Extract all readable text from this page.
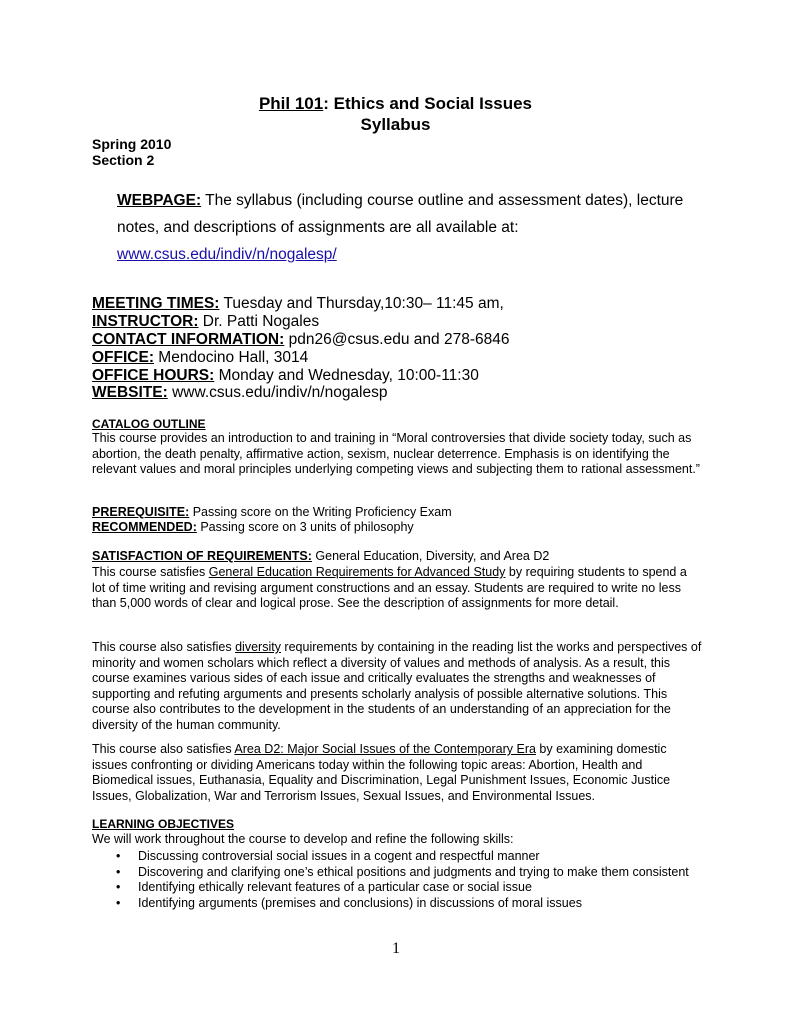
Phil 101: Ethics and Social Issues
Syllabus
Spring 2010
Section 2
WEBPAGE: The syllabus (including course outline and assessment dates), lecture
notes, and descriptions of assignments are all available at:
www.csus.edu/indiv/n/nogalesp/
MEETING TIMES: Tuesday and Thursday,10:30– 11:45 am,
INSTRUCTOR: Dr. Patti Nogales
CONTACT INFORMATION: pdn26@csus.edu and 278-6846
OFFICE: Mendocino Hall, 3014
OFFICE HOURS: Monday and Wednesday, 10:00-11:30
WEBSITE: www.csus.edu/indiv/n/nogalesp
CATALOG OUTLINE
This course provides an introduction to and training in “Moral controversies that divide society today, such as abortion, the death penalty, affirmative action, sexism, nuclear deterrence. Emphasis is on identifying the relevant values and moral principles underlying competing views and subjecting them to rational assessment.”
PREREQUISITE: Passing score on the Writing Proficiency Exam
RECOMMENDED: Passing score on 3 units of philosophy
SATISFACTION OF REQUIREMENTS: General Education, Diversity, and Area D2
This course satisfies General Education Requirements for Advanced Study by requiring students to spend a lot of time writing and revising argument constructions and an essay. Students are required to write no less than 5,000 words of clear and logical prose. See the description of assignments for more detail.
This course also satisfies diversity requirements by containing in the reading list the works and perspectives of minority and women scholars which reflect a diversity of values and methods of analysis. As a result, this course examines various sides of each issue and critically evaluates the strengths and weaknesses of supporting and refuting arguments and presents scholarly analysis of possible alternative solutions. This course also contributes to the development in the students of an understanding of an appreciation for the diversity of the human community.
This course also satisfies Area D2: Major Social Issues of the Contemporary Era by examining domestic issues confronting or dividing Americans today within the following topic areas: Abortion, Health and Biomedical issues, Euthanasia, Equality and Discrimination, Legal Punishment Issues, Economic Justice Issues, Globalization, War and Terrorism Issues, Sexual Issues, and Environmental Issues.
LEARNING OBJECTIVES
We will work throughout the course to develop and refine the following skills:
• Discussing controversial social issues in a cogent and respectful manner
• Discovering and clarifying one’s ethical positions and judgments and trying to make them consistent
• Identifying ethically relevant features of a particular case or social issue
• Identifying arguments (premises and conclusions) in discussions of moral issues
1
